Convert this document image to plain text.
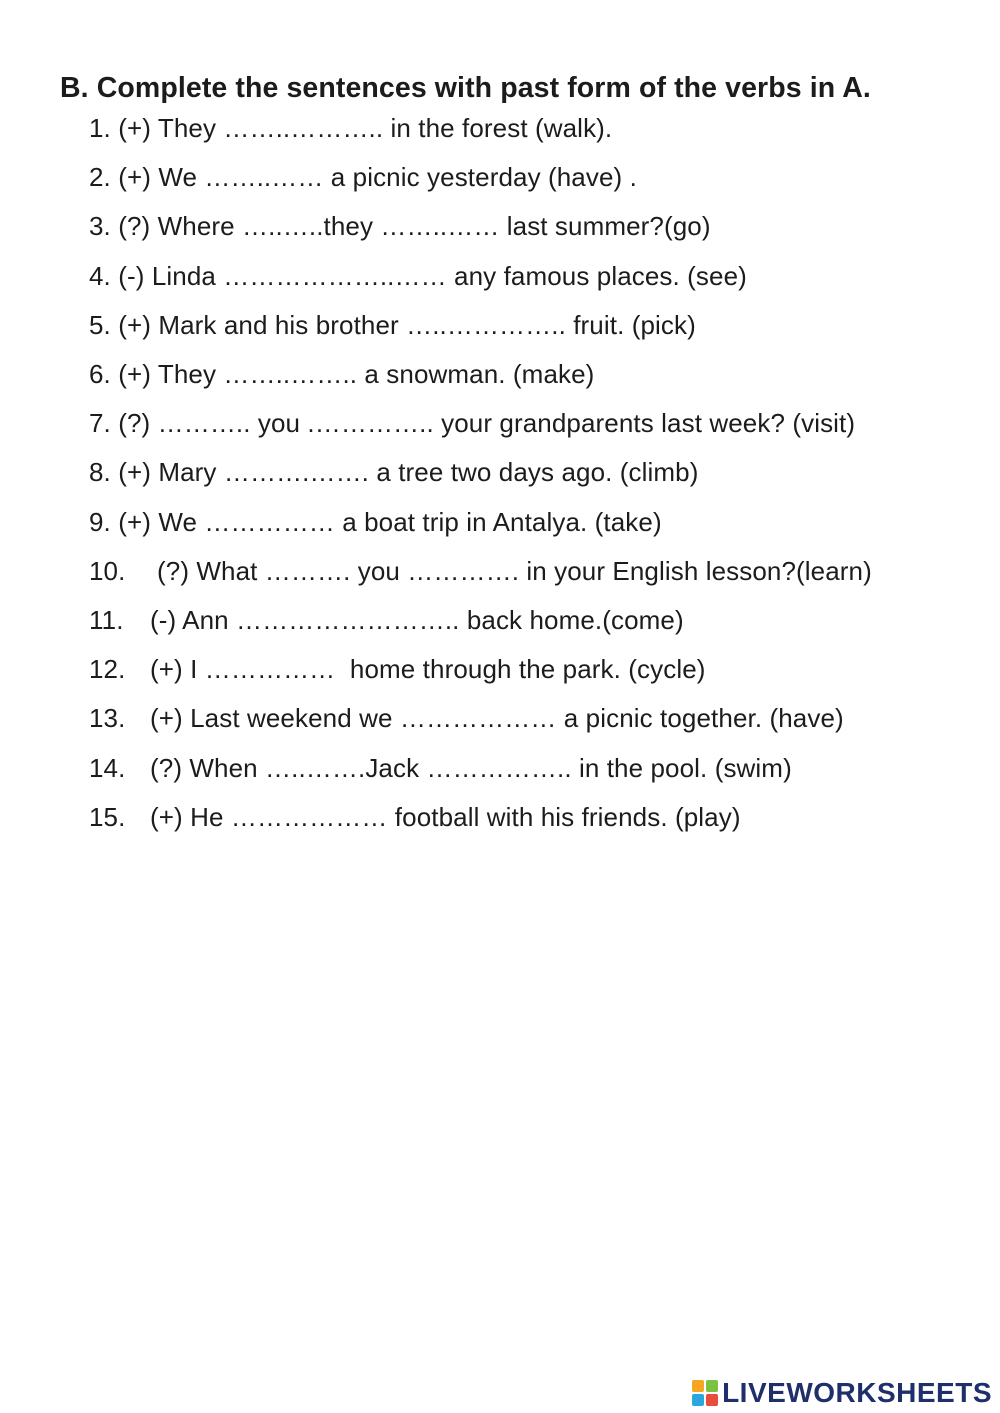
B. Complete the sentences with past form of the verbs in A.
1. (+) They ……..……….. in the forest (walk).
2. (+) We ……..…… a picnic yesterday (have) .
3. (?) Where …..…..they ……..…… last summer?(go)
4. (-) Linda ………………..…… any famous places. (see)
5. (+) Mark and his brother …..………….. fruit. (pick)
6. (+) They ……..…….. a snowman. (make)
7. (?) ……….. you .………….. your grandparents last week? (visit)
8. (+) Mary ……….……. a tree two days ago. (climb)
9. (+) We …………… a boat trip in Antalya. (take)
10. (?) What ………. you …………. in your English lesson?(learn)
11. (-) Ann …………………….. back home.(come)
12. (+) I ……………  home through the park. (cycle)
13. (+) Last weekend we ……………… a picnic together. (have)
14. (?) When …..…….Jack …………….. in the pool. (swim)
15. (+) He ……………… football with his friends. (play)
LIVEWORKSHEETS
